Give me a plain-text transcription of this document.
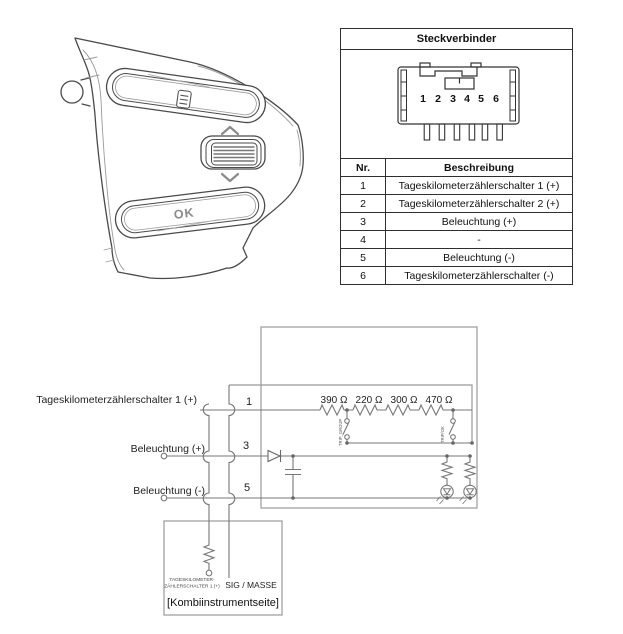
OK
Steckverbinder	

1 2 3 4 5 6

Nr.	Beschreibung
1	Tageskilometerzählerschalter 1 (+)
2	Tageskilometerzählerschalter 2 (+)
3	Beleuchtung (+)
4	-
5	Beleuchtung (-)
6	Tageskilometerzählerschalter (-)
Tageskilometerzählerschalter 1 (+)
Beleuchtung (+)
Beleuchtung (-)
1
3
5
390 Ω 220 Ω 300 Ω 470 Ω
TRIP_GROUP	TRIP/OK
TAGESKILOMETER-
ZÄHLERSCHALTER 1 (+) SIG / MASSE
[Kombiinstrumentseite]
